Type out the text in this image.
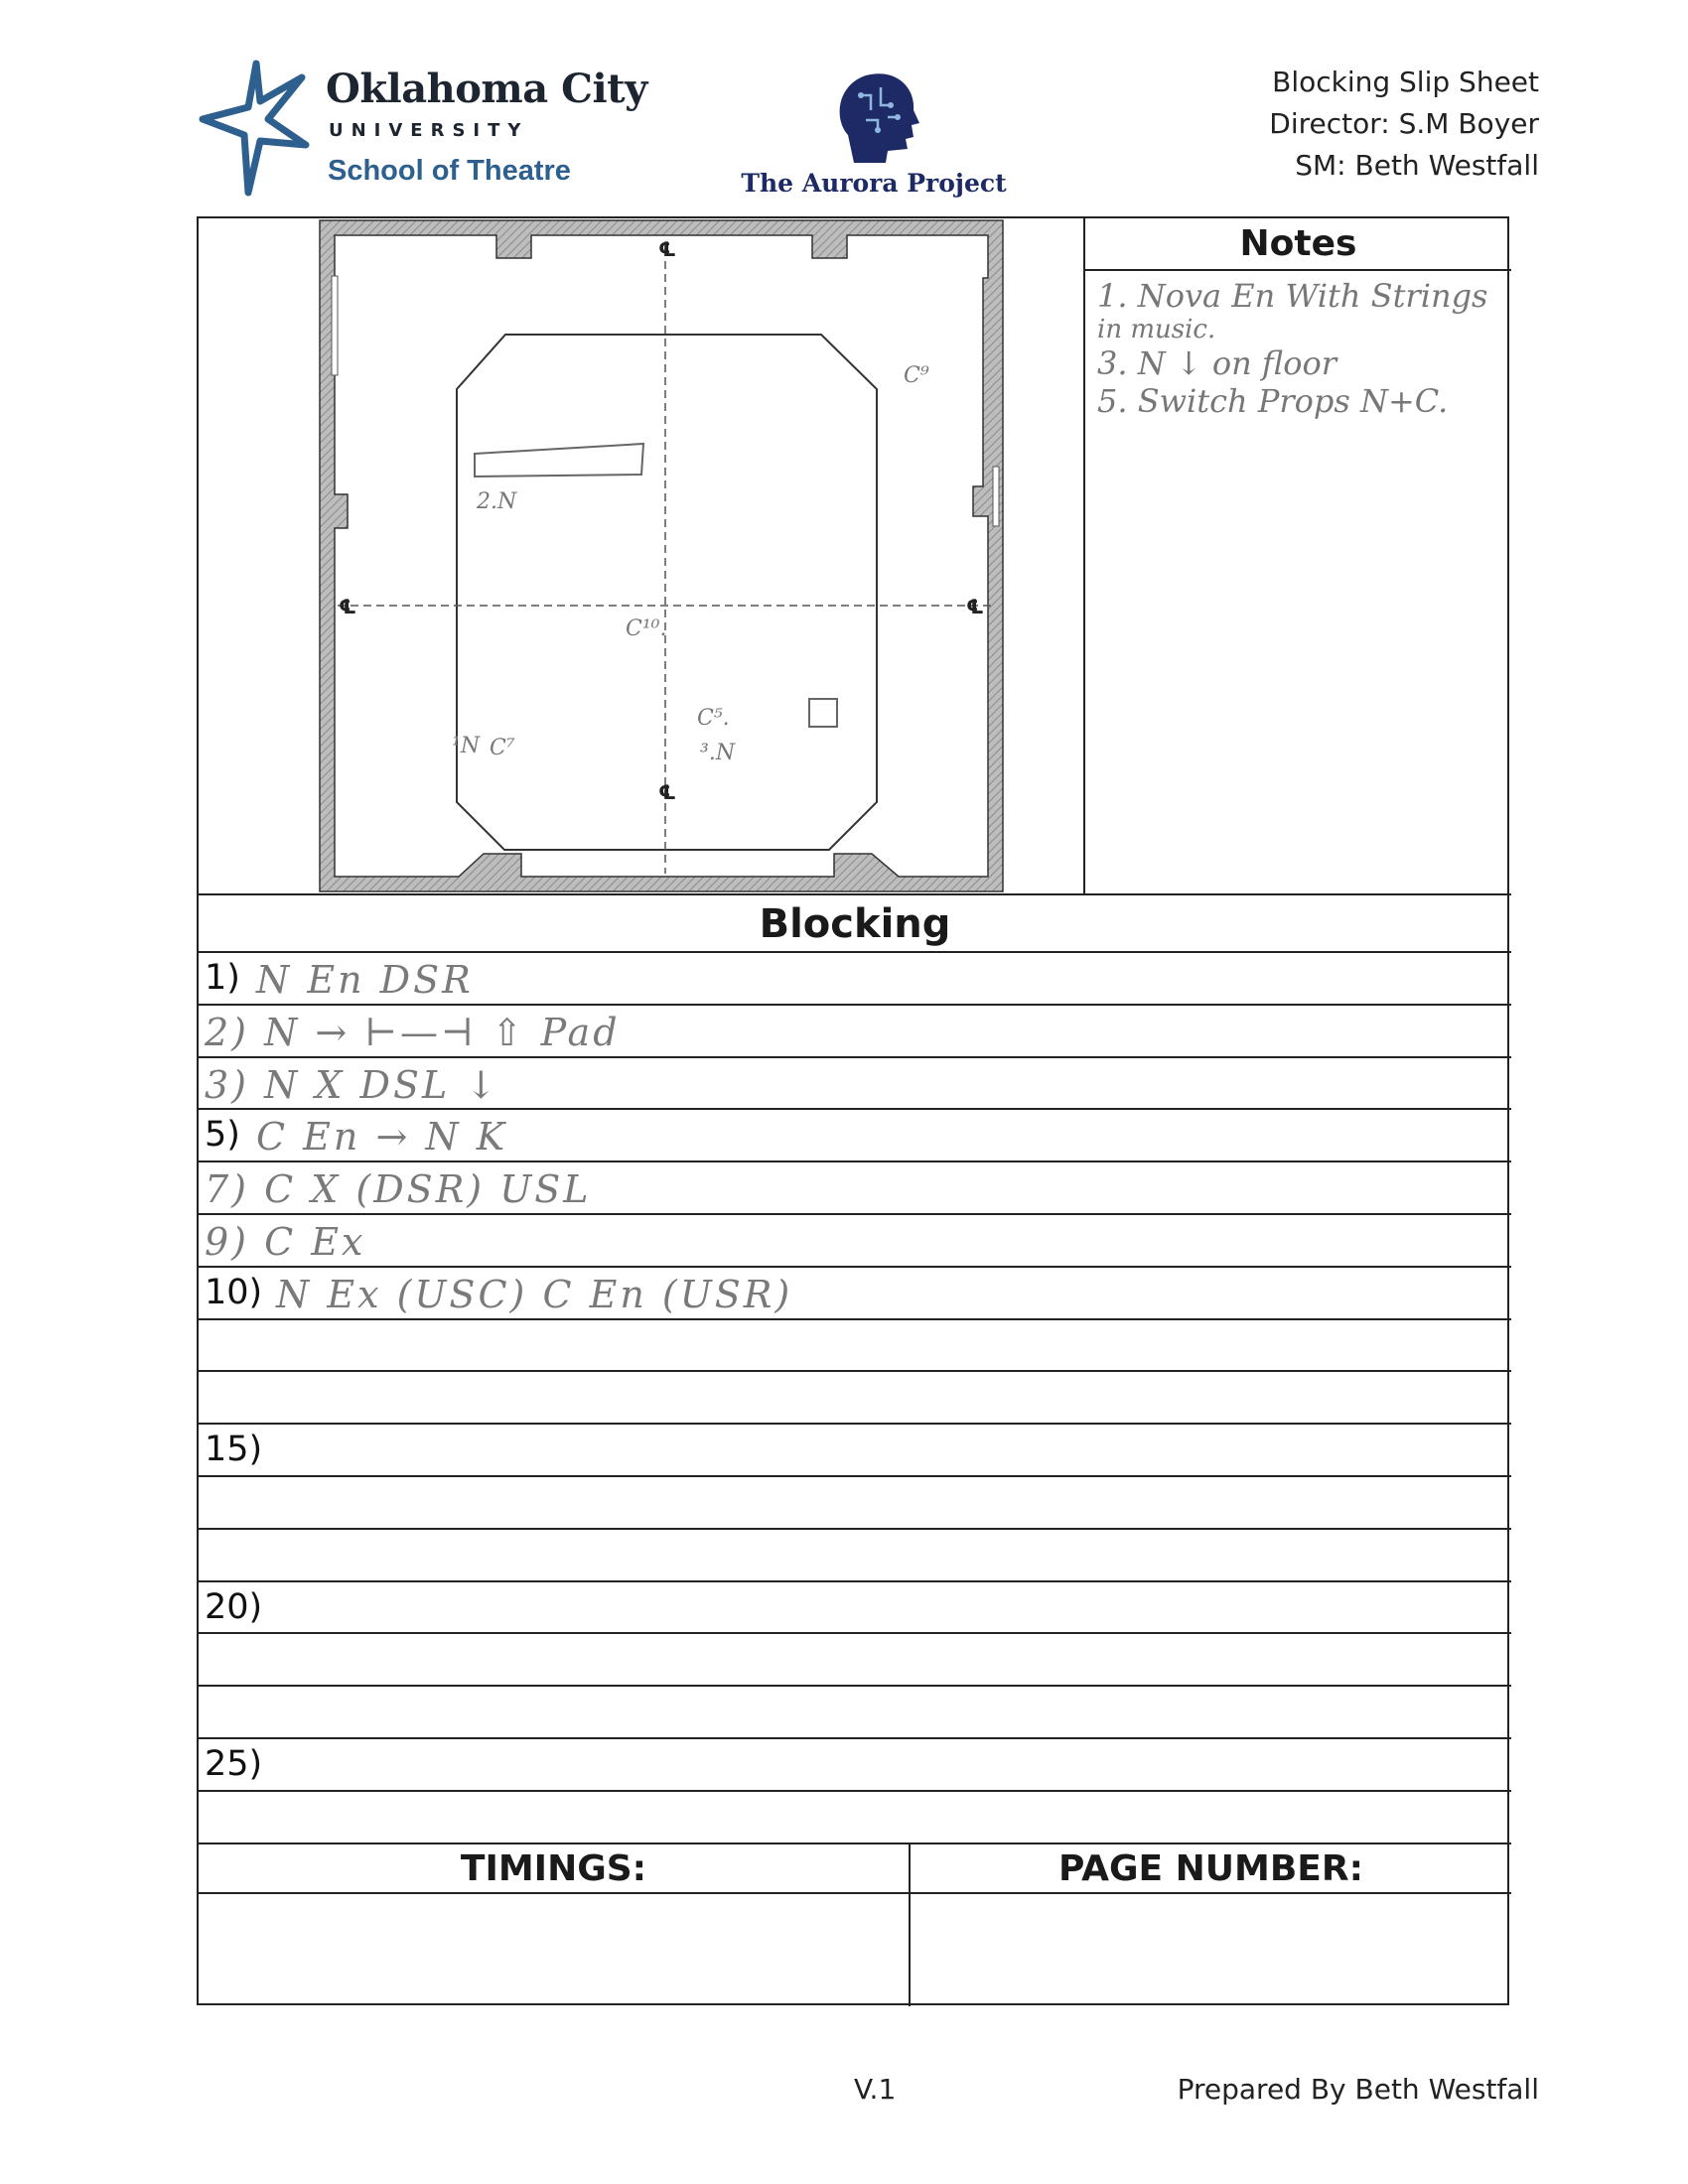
Oklahoma City
UNIVERSITY
School of Theatre	The Aurora Project
Blocking Slip Sheet
Director: S.M Boyer
SM: Beth Westfall
℄
℄	℄
℄
2.N
C⁹
C¹⁰.
C⁵.
³.N
¹N C⁷
Notes
1. Nova En With Strings
in music.
3. N ↓ on floor
5. Switch Props N+C.
Blocking
1) N En DSR
2) N → ⊢—⊣ ⇧ Pad
3) N X DSL ↓
5) C En → N K
7) C X (DSR) USL
9) C Ex
10) N Ex (USC) C En (USR)
15)
20)
25)
TIMINGS:	PAGE NUMBER:
V.1	Prepared By Beth Westfall
